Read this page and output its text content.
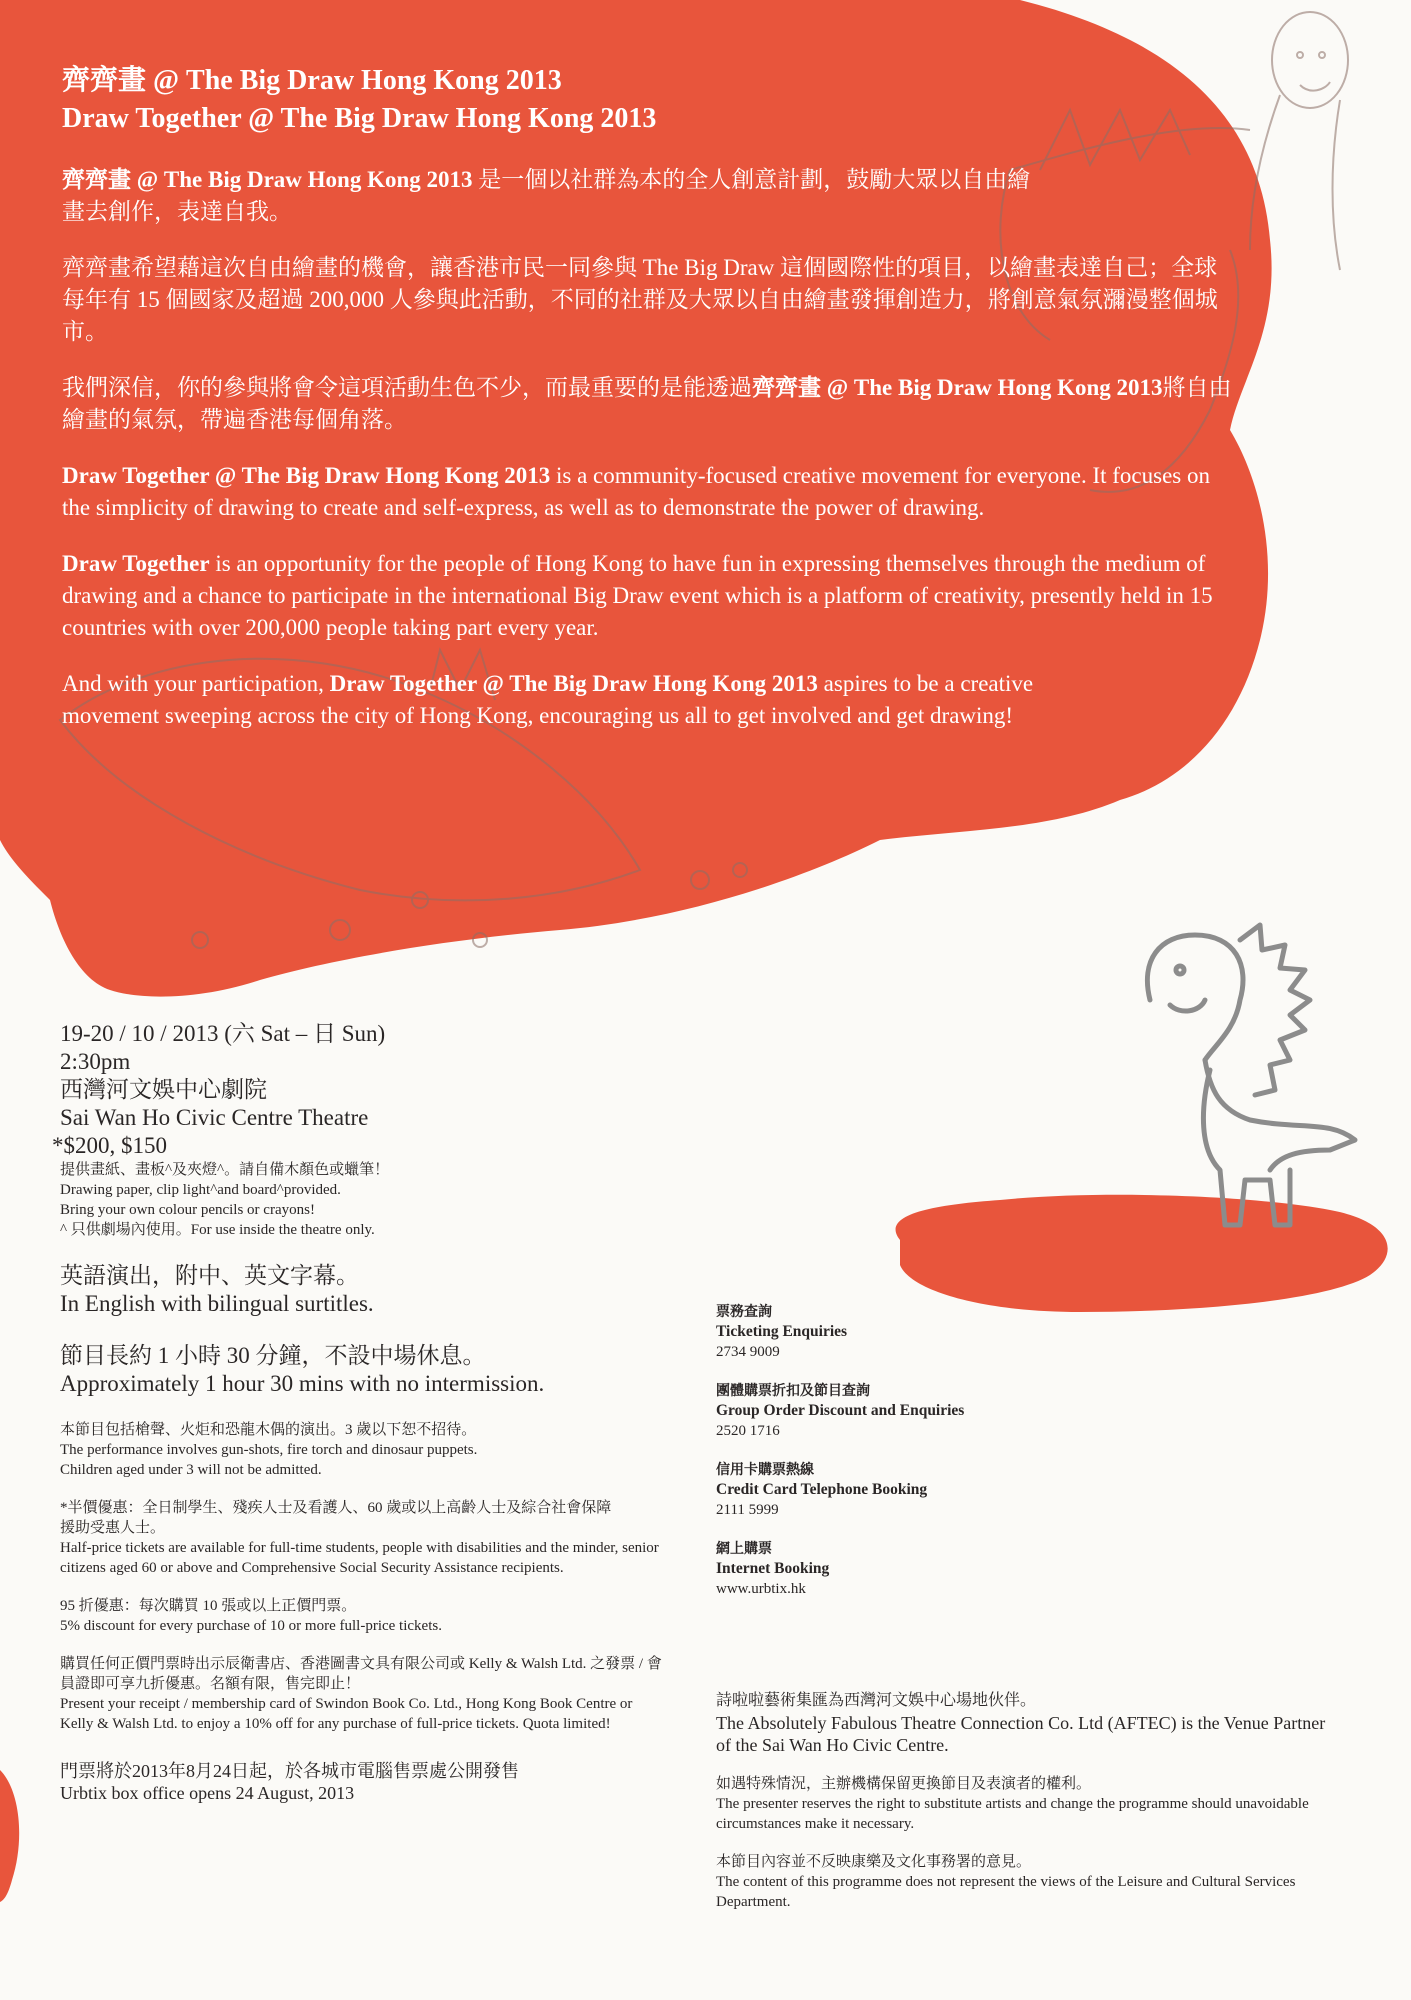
齊齊畫 @ The Big Draw Hong Kong 2013
Draw Together @ The Big Draw Hong Kong 2013

齊齊畫 @ The Big Draw Hong Kong 2013 是一個以社群為本的全人創意計劃，鼓勵大眾以自由繪畫去創作，表達自我。

齊齊畫希望藉這次自由繪畫的機會，讓香港市民一同參與 The Big Draw 這個國際性的項目，以繪畫表達自己；全球每年有 15 個國家及超過 200,000 人參與此活動，不同的社群及大眾以自由繪畫發揮創造力，將創意氣氛瀰漫整個城市。

我們深信，你的參與將會令這項活動生色不少，而最重要的是能透過齊齊畫 @ The Big Draw Hong Kong 2013將自由繪畫的氣氛，帶遍香港每個角落。

Draw Together @ The Big Draw Hong Kong 2013 is a community-focused creative movement for everyone. It focuses on the simplicity of drawing to create and self-express, as well as to demonstrate the power of drawing.

Draw Together is an opportunity for the people of Hong Kong to have fun in expressing themselves through the medium of drawing and a chance to participate in the international Big Draw event which is a platform of creativity, presently held in 15 countries with over 200,000 people taking part every year.

And with your participation, Draw Together @ The Big Draw Hong Kong 2013 aspires to be a creative movement sweeping across the city of Hong Kong, encouraging us all to get involved and get drawing!

19-20 / 10 / 2013 (六 Sat – 日 Sun)

2:30pm

西灣河文娛中心劇院

Sai Wan Ho Civic Centre Theatre

*$200, $150

提供畫紙、畫板^及夾燈^。請自備木顏色或蠟筆！

Drawing paper, clip light^and board^provided.

Bring your own colour pencils or crayons!

^ 只供劇場內使用。For use inside the theatre only.

英語演出，附中、英文字幕。

In English with bilingual surtitles.

節目長約 1 小時 30 分鐘，不設中場休息。

Approximately 1 hour 30 mins with no intermission.

本節目包括槍聲、火炬和恐龍木偶的演出。3 歲以下恕不招待。

The performance involves gun-shots, fire torch and dinosaur puppets.

Children aged under 3 will not be admitted.

*半價優惠：全日制學生、殘疾人士及看護人、60 歲或以上高齡人士及綜合社會保障

援助受惠人士。

Half-price tickets are available for full-time students, people with disabilities and the minder, senior citizens aged 60 or above and Comprehensive Social Security Assistance recipients.

95 折優惠：每次購買 10 張或以上正價門票。

5% discount for every purchase of 10 or more full-price tickets.

購買任何正價門票時出示辰衛書店、香港圖書文具有限公司或 Kelly & Walsh Ltd. 之發票 / 會員證即可享九折優惠。名額有限，售完即止！

Present your receipt / membership card of Swindon Book Co. Ltd., Hong Kong Book Centre or Kelly & Walsh Ltd. to enjoy a 10% off for any purchase of full-price tickets. Quota limited!

門票將於2013年8月24日起，於各城市電腦售票處公開發售

Urbtix box office opens 24 August, 2013

票務查詢
Ticketing Enquiries
2734 9009
團體購票折扣及節目查詢
Group Order Discount and Enquiries
2520 1716
信用卡購票熱線
Credit Card Telephone Booking
2111 5999
網上購票
Internet Booking
www.urbtix.hk

詩啦啦藝術集匯為西灣河文娛中心場地伙伴。

The Absolutely Fabulous Theatre Connection Co. Ltd (AFTEC) is the Venue Partner of the Sai Wan Ho Civic Centre.

如遇特殊情況，主辦機構保留更換節目及表演者的權利。

The presenter reserves the right to substitute artists and change the programme should unavoidable circumstances make it necessary.

本節目內容並不反映康樂及文化事務署的意見。

The content of this programme does not represent the views of the Leisure and Cultural Services Department.
